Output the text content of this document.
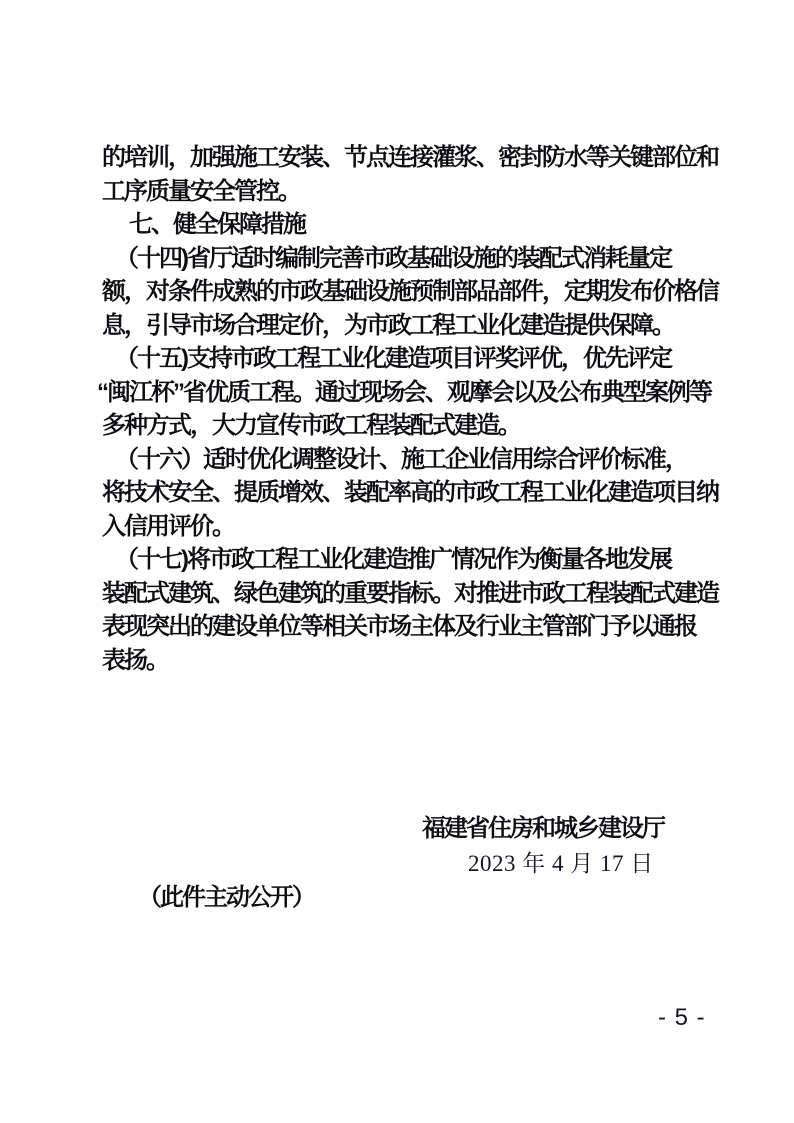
的培训，加强施工安装、节点连接灌浆、密封防水等关键部位和
工序质量安全管控。
七、健全保障措施
（十四)省厅适时编制完善市政基础设施的装配式消耗量定
额，对条件成熟的市政基础设施预制部品部件，定期发布价格信
息，引导市场合理定价，为市政工程工业化建造提供保障。
（十五)支持市政工程工业化建造项目评奖评优，优先评定
“闽江杯”省优质工程。通过现场会、观摩会以及公布典型案例等
多种方式，大力宣传市政工程装配式建造。
（十六）适时优化调整设计、施工企业信用综合评价标准，
将技术安全、提质增效、装配率高的市政工程工业化建造项目纳
入信用评价。
（十七)将市政工程工业化建造推广情况作为衡量各地发展
装配式建筑、绿色建筑的重要指标。对推进市政工程装配式建造
表现突出的建设单位等相关市场主体及行业主管部门予以通报
表扬。
福建省住房和城乡建设厅
2023 年 4 月 17 日
（此件主动公开）
- 5 -
